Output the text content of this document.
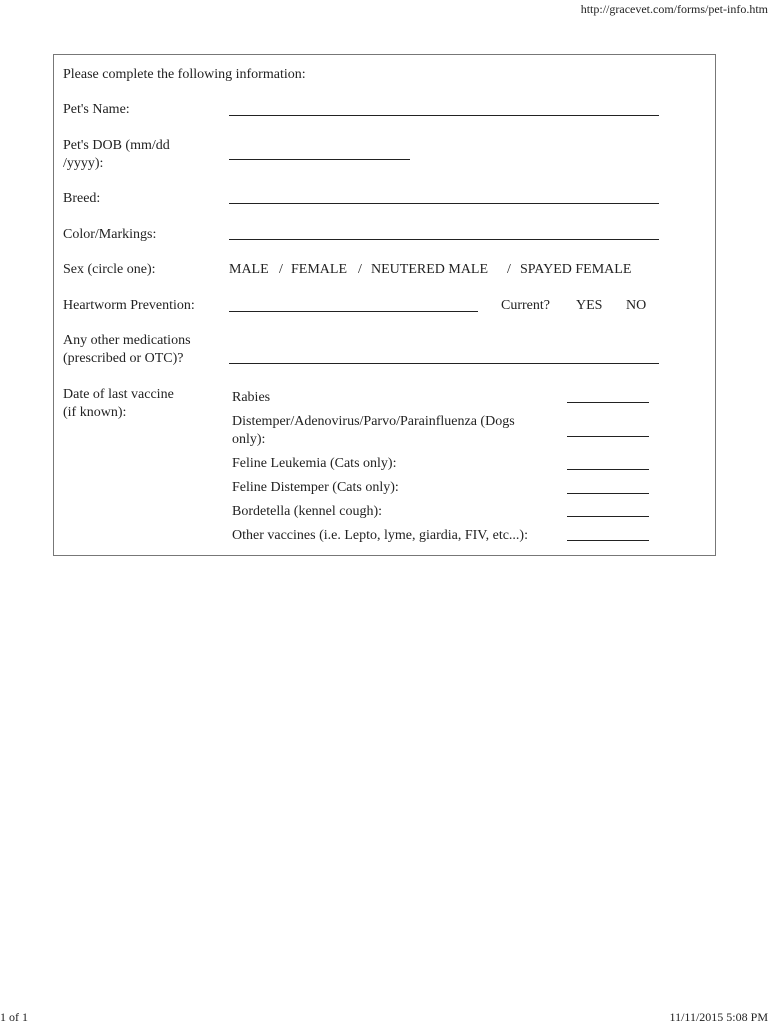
http://gracevet.com/forms/pet-info.htm
Please complete the following information:
Pet's Name:
Pet's DOB (mm/dd
/yyyy):
Breed:
Color/Markings:
Sex (circle one):	MALE / FEMALE / NEUTERED MALE / SPAYED FEMALE
Heartworm Prevention:	Current? YES NO
Any other medications
(prescribed or OTC)?
Date of last vaccine
(if known):
Rabies
Distemper/Adenovirus/Parvo/Parainfluenza (Dogs
only):
Feline Leukemia (Cats only):
Feline Distemper (Cats only):
Bordetella (kennel cough):
Other vaccines (i.e. Lepto, lyme, giardia, FIV, etc...):
1 of 1	11/11/2015 5:08 PM
